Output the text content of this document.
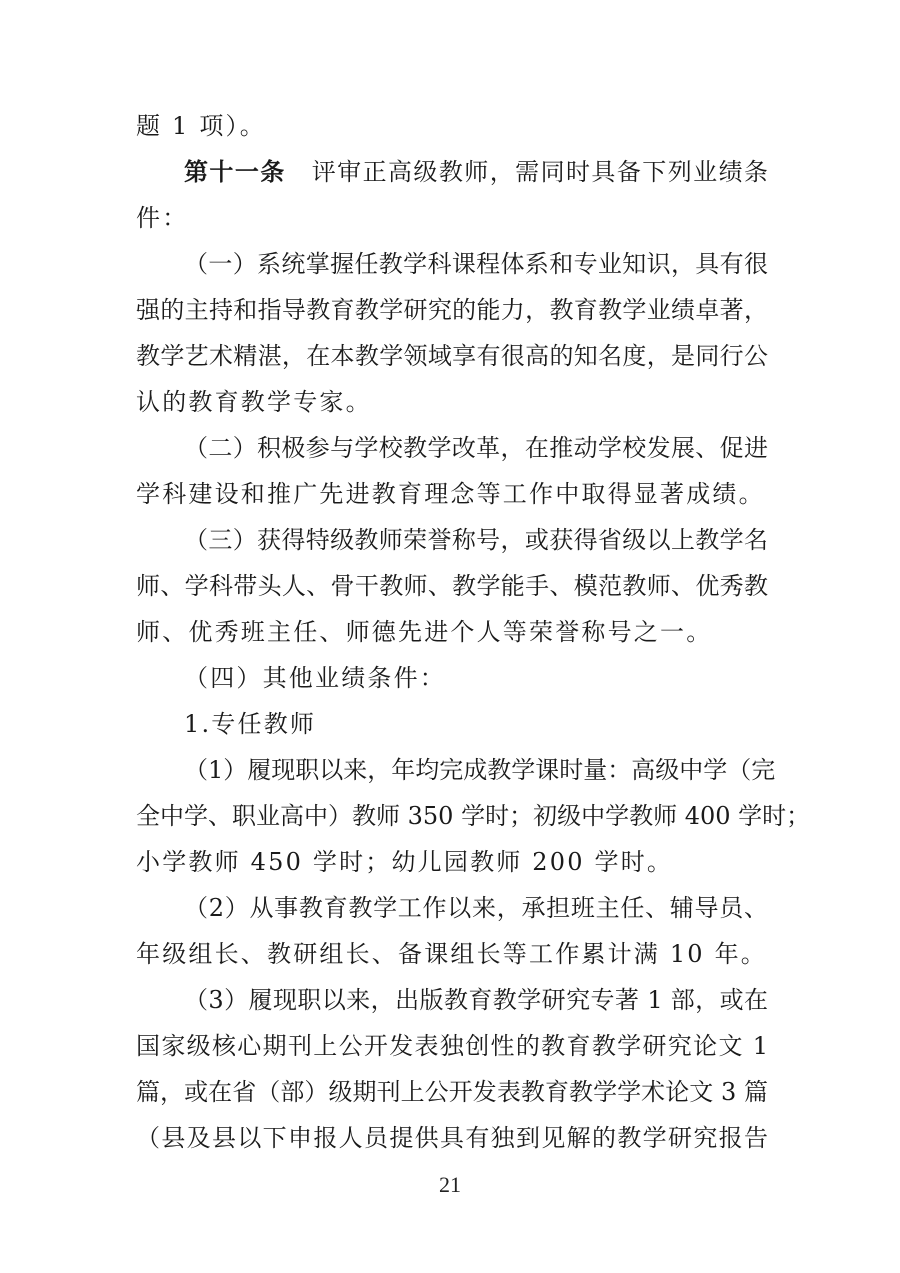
题 1 项）。
第十一条 评审正高级教师，需同时具备下列业绩条
件：
（一）系统掌握任教学科课程体系和专业知识，具有很
强的主持和指导教育教学研究的能力，教育教学业绩卓著，
教学艺术精湛，在本教学领域享有很高的知名度，是同行公
认的教育教学专家。
（二）积极参与学校教学改革，在推动学校发展、促进
学科建设和推广先进教育理念等工作中取得显著成绩。
（三）获得特级教师荣誉称号，或获得省级以上教学名
师、学科带头人、骨干教师、教学能手、模范教师、优秀教
师、优秀班主任、师德先进个人等荣誉称号之一。
（四）其他业绩条件：
1.专任教师
（1）履现职以来，年均完成教学课时量：高级中学（完
全中学、职业高中）教师 350 学时；初级中学教师 400 学时；
小学教师 450 学时；幼儿园教师 200 学时。
（2）从事教育教学工作以来，承担班主任、辅导员、
年级组长、教研组长、备课组长等工作累计满 10 年。
（3）履现职以来，出版教育教学研究专著 1 部，或在
国家级核心期刊上公开发表独创性的教育教学研究论文 1
篇，或在省（部）级期刊上公开发表教育教学学术论文 3 篇
（县及县以下申报人员提供具有独到见解的教学研究报告
21
